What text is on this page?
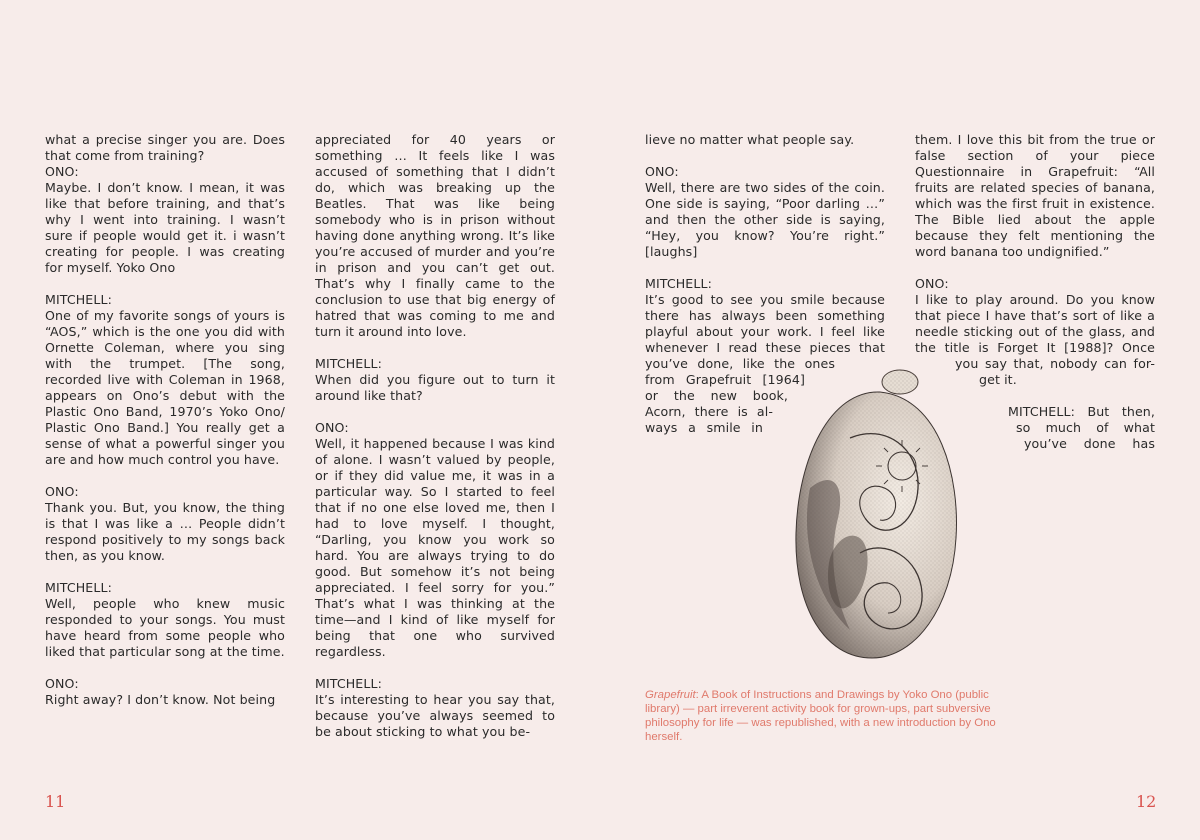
what a precise singer you are. Does that come from training?

ONO:

Maybe. I don’t know. I mean, it was like that before training, and that’s why I went into training. I wasn’t sure if people would get it. i wasn’t creating for people. I was creating for myself. Yoko Ono

MITCHELL:

One of my favorite songs of yours is “AOS,” which is the one you did with Ornette Coleman, where you sing with the trumpet. [The song, recorded live with Coleman in 1968, appears on Ono’s debut with the Plastic Ono Band, 1970’s Yoko Ono/ Plastic Ono Band.] You really get a sense of what a powerful singer you are and how much control you have.

ONO:

Thank you. But, you know, the thing is that I was like a … People didn’t respond positively to my songs back then, as you know.

MITCHELL:

Well, people who knew music responded to your songs. You must have heard from some people who liked that particular song at the time.

ONO:

Right away? I don’t know. Not being

appreciated for 40 years or something … It feels like I was accused of something that I didn’t do, which was breaking up the Beatles. That was like being somebody who is in prison without having done anything wrong. It’s like you’re accused of murder and you’re in prison and you can’t get out. That’s why I finally came to the conclusion to use that big energy of hatred that was coming to me and turn it around into love.

MITCHELL:

When did you figure out to turn it around like that?

ONO:

Well, it happened because I was kind of alone. I wasn’t valued by people, or if they did value me, it was in a particular way. So I started to feel that if no one else loved me, then I had to love myself. I thought, “Darling, you know you work so hard. You are always trying to do good. But somehow it’s not being appreciated. I feel sorry for you.” That’s what I was thinking at the time—and I kind of like myself for being that one who survived regardless.

MITCHELL:

It’s interesting to hear you say that, because you’ve always seemed to be about sticking to what you be-

lieve no matter what people say.

ONO:

Well, there are two sides of the coin. One side is saying, “Poor darling …” and then the other side is saying, “Hey, you know? You’re right.” [laughs]

MITCHELL:
It’s good to see you smile because
there has always been something
playful about your work. I feel like
whenever I read these pieces that
you’ve done, like the ones
from Grapefruit [1964]
or the new book,
Acorn, there is al-
ways a smile in

them. I love this bit from the true or false section of your piece Questionnaire in Grapefruit: “All fruits are related species of banana, which was the first fruit in existence. The Bible lied about the apple because they felt mentioning the word banana too undignified.”

ONO:
I like to play around. Do you know
that piece I have that’s sort of like a
needle sticking out of the glass, and
the title is Forget It [1988]? Once
you say that, nobody can for-
get it.
MITCHELL: But then,
so much of what
you’ve done has
Grapefruit: A Book of Instructions and Drawings by Yoko Ono (public library) — part irreverent activity book for grown-ups, part subversive philosophy for life — was republished, with a new introduction by Ono herself.
11	12
